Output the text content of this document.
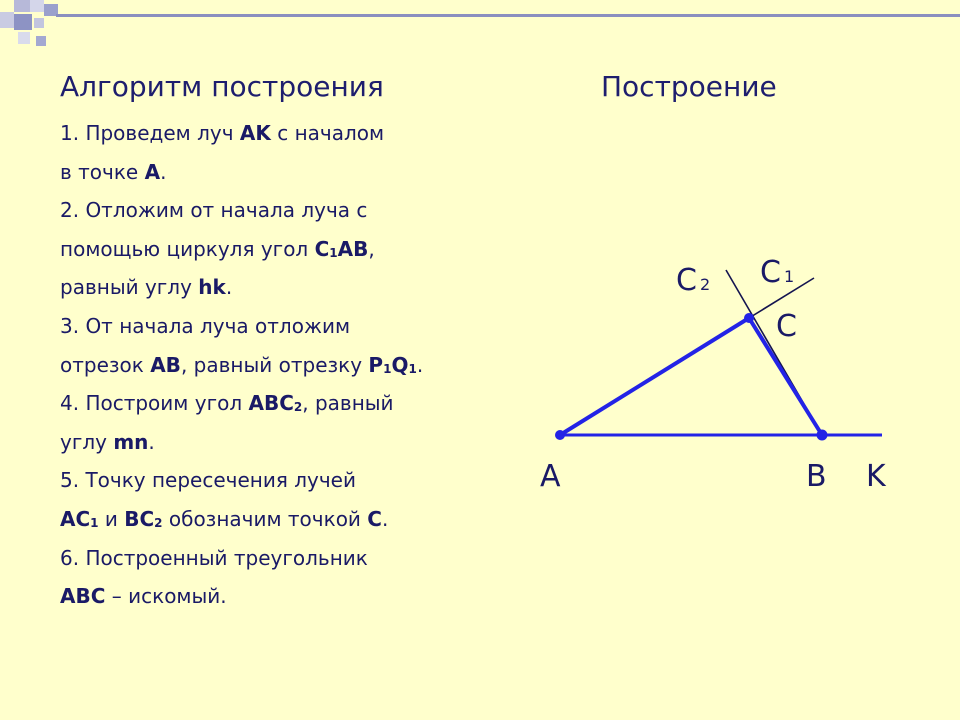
Алгоритм построения	Построение
1. Проведем луч AK с началом
в точке A.
2. Отложим от начала луча с
помощью циркуля угол $C_1AB$,
равный углу hk.
3. От начала луча отложим
отрезок AB, равный отрезку $P_1Q_1$.
4. Построим угол $ABC_2$, равный
углу mn.
5. Точку пересечения лучей
$AC_1$ и $BC_2$ обозначим точкой C.
6. Построенный треугольник
ABC – искомый.
A	B K
C
C 1
C 2
